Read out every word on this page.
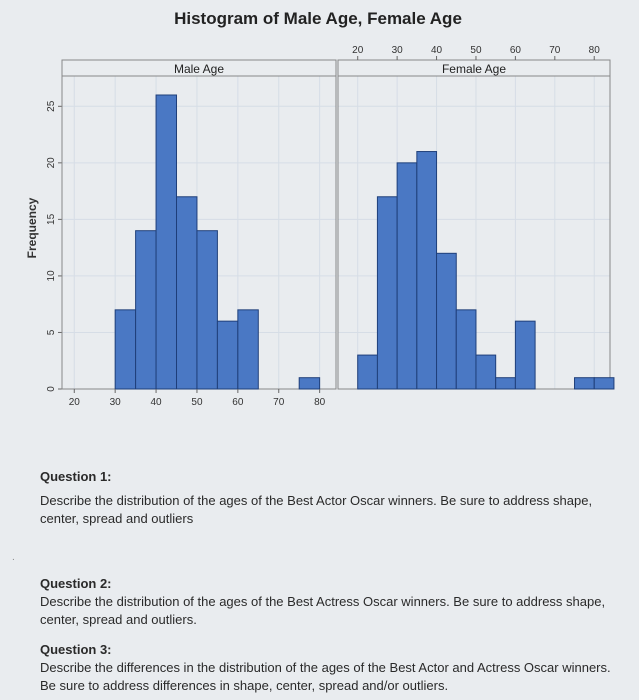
Histogram of Male Age, Female Age
Frequency
0
5
10
15
20
25
Male Age
20	30	40	50	60	70	80
Female Age
20	30	40	50	60	70	80
Question 1:
Describe the distribution of the ages of the Best Actor Oscar winners. Be sure to address shape, center, spread and outliers
.
Question 2:
Describe the distribution of the ages of the Best Actress Oscar winners. Be sure to address shape, center, spread and outliers.
Question 3:
Describe the differences in the distribution of the ages of the Best Actor and Actress Oscar winners. Be sure to address differences in shape, center, spread and/or outliers.
